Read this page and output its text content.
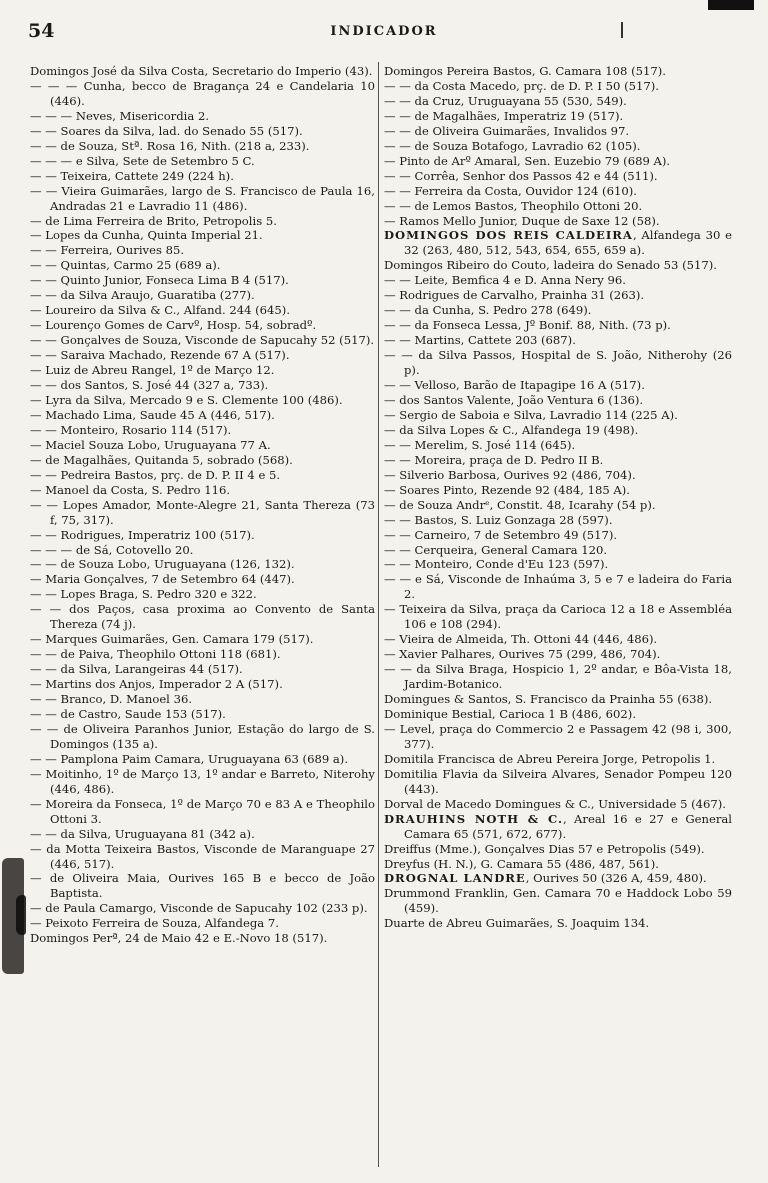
54	INDICADOR

Domingos José da Silva Costa, Secretario do Imperio (43).

— — — Cunha, becco de Bragança 24 e Candelaria 10 (446).

— — — Neves, Misericordia 2.

— — Soares da Silva, lad. do Senado 55 (517).

— — de Souza, Stª. Rosa 16, Nith. (218 a, 233).

— — — e Silva, Sete de Setembro 5 C.

— — Teixeira, Cattete 249 (224 h).

— — Vieira Guimarães, largo de S. Francisco de Paula 16, Andradas 21 e Lavradio 11 (486).

— de Lima Ferreira de Brito, Petropolis 5.

— Lopes da Cunha, Quinta Imperial 21.

— — Ferreira, Ourives 85.

— — Quintas, Carmo 25 (689 a).

— — Quinto Junior, Fonseca Lima B 4 (517).

— — da Silva Araujo, Guaratiba (277).

— Loureiro da Silva & C., Alfand. 244 (645).

— Lourenço Gomes de Carvº, Hosp. 54, sobradº.

— — Gonçalves de Souza, Visconde de Sapucahy 52 (517).

— — Saraiva Machado, Rezende 67 A (517).

— Luiz de Abreu Rangel, 1º de Março 12.

— — dos Santos, S. José 44 (327 a, 733).

— Lyra da Silva, Mercado 9 e S. Clemente 100 (486).

— Machado Lima, Saude 45 A (446, 517).

— — Monteiro, Rosario 114 (517).

— Maciel Souza Lobo, Uruguayana 77 A.

— de Magalhães, Quitanda 5, sobrado (568).

— — Pedreira Bastos, prç. de D. P. II 4 e 5.

— Manoel da Costa, S. Pedro 116.

— — Lopes Amador, Monte-Alegre 21, Santa Thereza (73 f, 75, 317).

— — Rodrigues, Imperatriz 100 (517).

— — — de Sá, Cotovello 20.

— — de Souza Lobo, Uruguayana (126, 132).

— Maria Gonçalves, 7 de Setembro 64 (447).

— — Lopes Braga, S. Pedro 320 e 322.

— — dos Paços, casa proxima ao Convento de Santa Thereza (74 j).

— Marques Guimarães, Gen. Camara 179 (517).

— — de Paiva, Theophilo Ottoni 118 (681).

— — da Silva, Larangeiras 44 (517).

— Martins dos Anjos, Imperador 2 A (517).

— — Branco, D. Manoel 36.

— — de Castro, Saude 153 (517).

— — de Oliveira Paranhos Junior, Estação do largo de S. Domingos (135 a).

— — Pamplona Paim Camara, Uruguayana 63 (689 a).

— Moitinho, 1º de Março 13, 1º andar e Barreto, Niterohy (446, 486).

— Moreira da Fonseca, 1º de Março 70 e 83 A e Theophilo Ottoni 3.

— — da Silva, Uruguayana 81 (342 a).

— da Motta Teixeira Bastos, Visconde de Maranguape 27 (446, 517).

— de Oliveira Maia, Ourives 165 B e becco de João Baptista.

— de Paula Camargo, Visconde de Sapucahy 102 (233 p).

— Peixoto Ferreira de Souza, Alfandega 7.

Domingos Perª, 24 de Maio 42 e E.-Novo 18 (517).

Domingos Pereira Bastos, G. Camara 108 (517).

— — da Costa Macedo, prç. de D. P. I 50 (517).

— — da Cruz, Uruguayana 55 (530, 549).

— — de Magalhães, Imperatriz 19 (517).

— — de Oliveira Guimarães, Invalidos 97.

— — de Souza Botafogo, Lavradio 62 (105).

— Pinto de Arº Amaral, Sen. Euzebio 79 (689 A).

— — Corrêa, Senhor dos Passos 42 e 44 (511).

— — Ferreira da Costa, Ouvidor 124 (610).

— — de Lemos Bastos, Theophilo Ottoni 20.

— Ramos Mello Junior, Duque de Saxe 12 (58).

DOMINGOS DOS REIS CALDEIRA, Alfandega 30 e 32 (263, 480, 512, 543, 654, 655, 659 a).

Domingos Ribeiro do Couto, ladeira do Senado 53 (517).

— — Leite, Bemfica 4 e D. Anna Nery 96.

— Rodrigues de Carvalho, Prainha 31 (263).

— — da Cunha, S. Pedro 278 (649).

— — da Fonseca Lessa, Jº Bonif. 88, Nith. (73 p).

— — Martins, Cattete 203 (687).

— — da Silva Passos, Hospital de S. João, Nitherohy (26 p).

— — Velloso, Barão de Itapagipe 16 A (517).

— dos Santos Valente, João Ventura 6 (136).

— Sergio de Saboia e Silva, Lavradio 114 (225 A).

— da Silva Lopes & C., Alfandega 19 (498).

— — Merelim, S. José 114 (645).

— — Moreira, praça de D. Pedro II B.

— Silverio Barbosa, Ourives 92 (486, 704).

— Soares Pinto, Rezende 92 (484, 185 A).

— de Souza Andrᵉ, Constit. 48, Icarahy (54 p).

— — Bastos, S. Luiz Gonzaga 28 (597).

— — Carneiro, 7 de Setembro 49 (517).

— — Cerqueira, General Camara 120.

— — Monteiro, Conde d'Eu 123 (597).

— — e Sá, Visconde de Inhaúma 3, 5 e 7 e ladeira do Faria 2.

— Teixeira da Silva, praça da Carioca 12 a 18 e Assembléa 106 e 108 (294).

— Vieira de Almeida, Th. Ottoni 44 (446, 486).

— Xavier Palhares, Ourives 75 (299, 486, 704).

— — da Silva Braga, Hospicio 1, 2º andar, e Bôa-Vista 18, Jardim-Botanico.

Domingues & Santos, S. Francisco da Prainha 55 (638).

Dominique Bestial, Carioca 1 B (486, 602).

— Level, praça do Commercio 2 e Passagem 42 (98 i, 300, 377).

Domitila Francisca de Abreu Pereira Jorge, Petropolis 1.

Domitilia Flavia da Silveira Alvares, Senador Pompeu 120 (443).

Dorval de Macedo Domingues & C., Universidade 5 (467).

DRAUHINS NOTH & C., Areal 16 e 27 e General Camara 65 (571, 672, 677).

Dreiffus (Mme.), Gonçalves Dias 57 e Petropolis (549).

Dreyfus (H. N.), G. Camara 55 (486, 487, 561).

DROGNAL LANDRE, Ourives 50 (326 A, 459, 480).

Drummond Franklin, Gen. Camara 70 e Haddock Lobo 59 (459).

Duarte de Abreu Guimarães, S. Joaquim 134.
